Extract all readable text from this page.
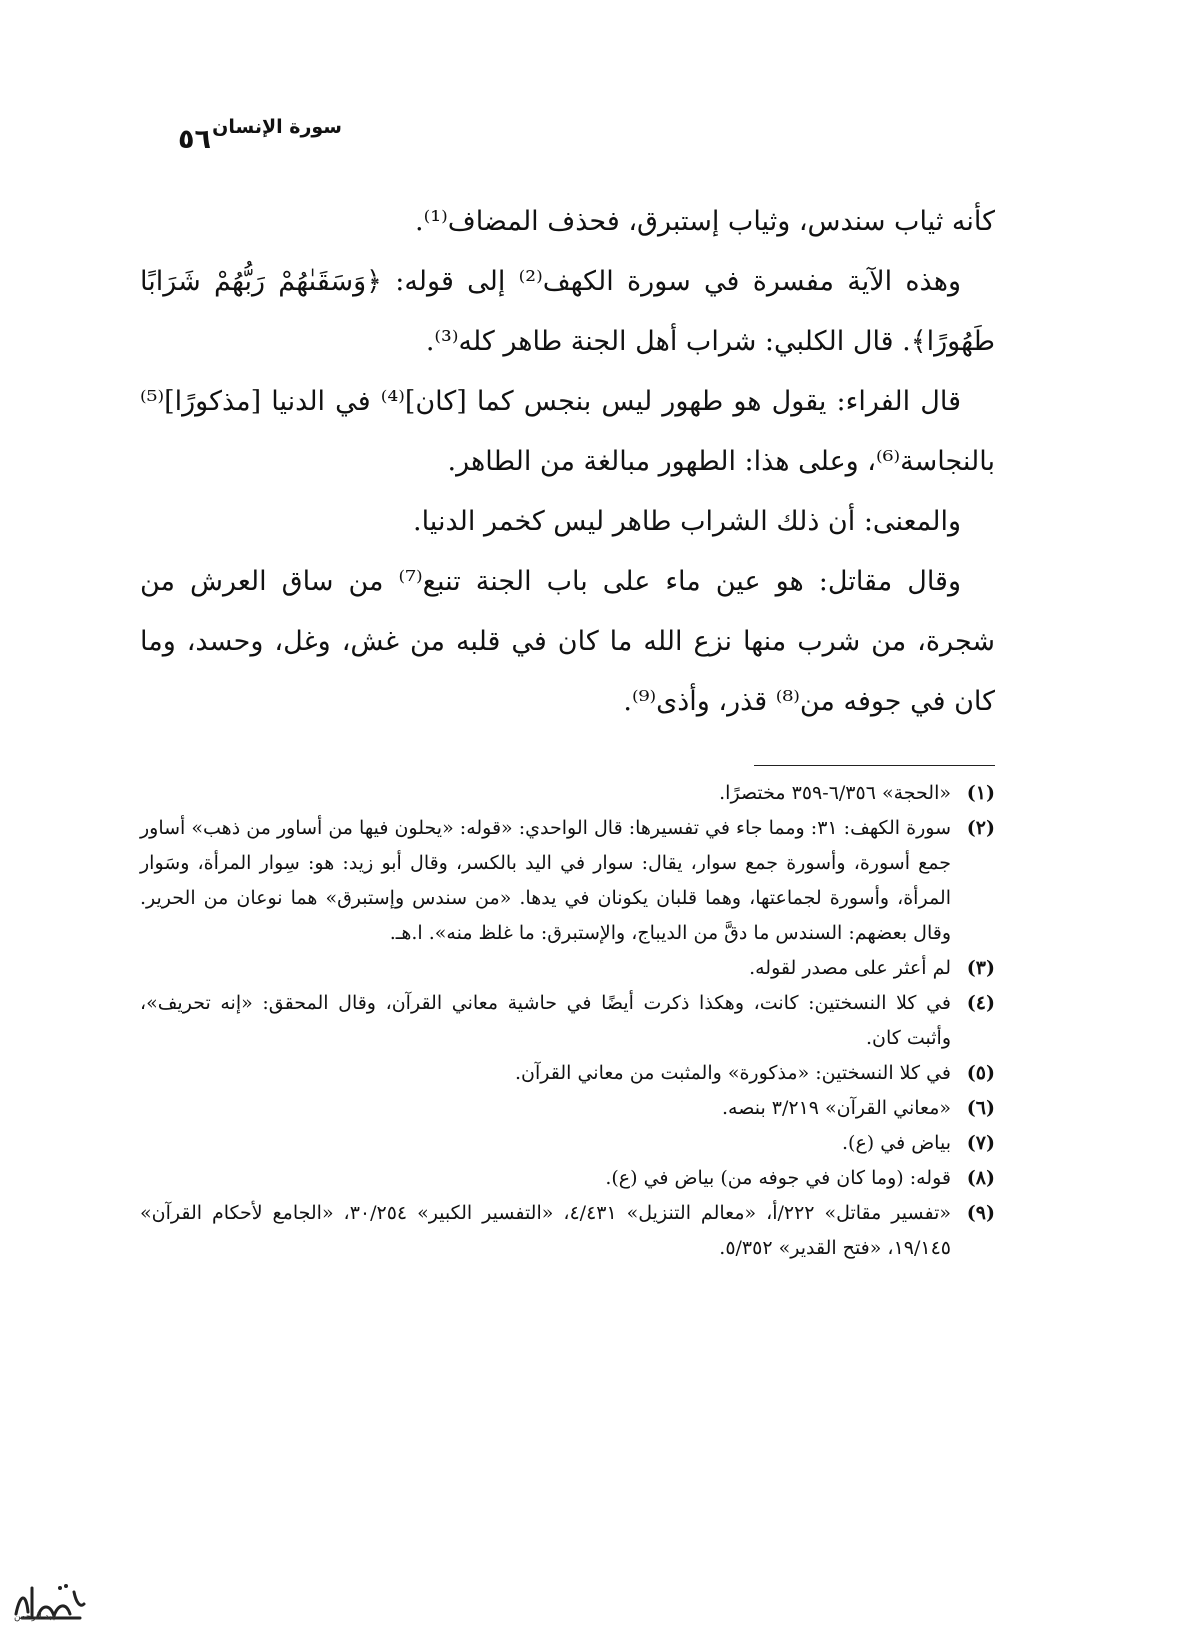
٥٦ سورة الإنسان

كأنه ثياب سندس، وثياب إستبرق، فحذف المضاف⁽¹⁾.

وهذه الآية مفسرة في سورة الكهف⁽²⁾ إلى قوله: ﴿وَسَقَىٰهُمْ رَبُّهُمْ شَرَابًا طَهُورًا﴾. قال الكلبي: شراب أهل الجنة طاهر كله⁽³⁾.

قال الفراء: يقول هو طهور ليس بنجس كما [كان]⁽⁴⁾ في الدنيا [مذكورًا]⁽⁵⁾ بالنجاسة⁽⁶⁾، وعلى هذا: الطهور مبالغة من الطاهر.

والمعنى: أن ذلك الشراب طاهر ليس كخمر الدنيا.

وقال مقاتل: هو عين ماء على باب الجنة تنبع⁽⁷⁾ من ساق العرش من شجرة، من شرب منها نزع الله ما كان في قلبه من غش، وغل، وحسد، وما كان في جوفه من⁽⁸⁾ قذر، وأذى⁽⁹⁾.

(١)
«الحجة» ٦/٣٥٦-٣٥٩ مختصرًا.
(٢)
سورة الكهف: ٣١: ومما جاء في تفسيرها: قال الواحدي: «قوله: «يحلون فيها من أساور من ذهب» أساور جمع أسورة، وأسورة جمع سوار، يقال: سوار في اليد بالكسر، وقال أبو زيد: هو: سِوار المرأة، وسَوار المرأة، وأسورة لجماعتها، وهما قلبان يكونان في يدها. «من سندس وإستبرق» هما نوعان من الحرير. وقال بعضهم: السندس ما دقَّ من الديباج، والإستبرق: ما غلظ منه». ا.هـ.
(٣)
لم أعثر على مصدر لقوله.
(٤)
في كلا النسختين: كانت، وهكذا ذكرت أيضًا في حاشية معاني القرآن، وقال المحقق: «إنه تحريف»، وأثبت كان.
(٥)
في كلا النسختين: «مذكورة» والمثبت من معاني القرآن.
(٦)
«معاني القرآن» ٣/٢١٩ بنصه.
(٧)
بياض في (ع).
(٨)
قوله: (وما كان في جوفه من) بياض في (ع).
(٩)
«تفسير مقاتل» ٢٢٢/أ، «معالم التنزيل» ٤/٤٣١، «التفسير الكبير» ٣٠/٢٥٤، «الجامع لأحكام القرآن» ١٩/١٤٥، «فتح القدير» ٥/٣٥٢.
عبد الرحمن
